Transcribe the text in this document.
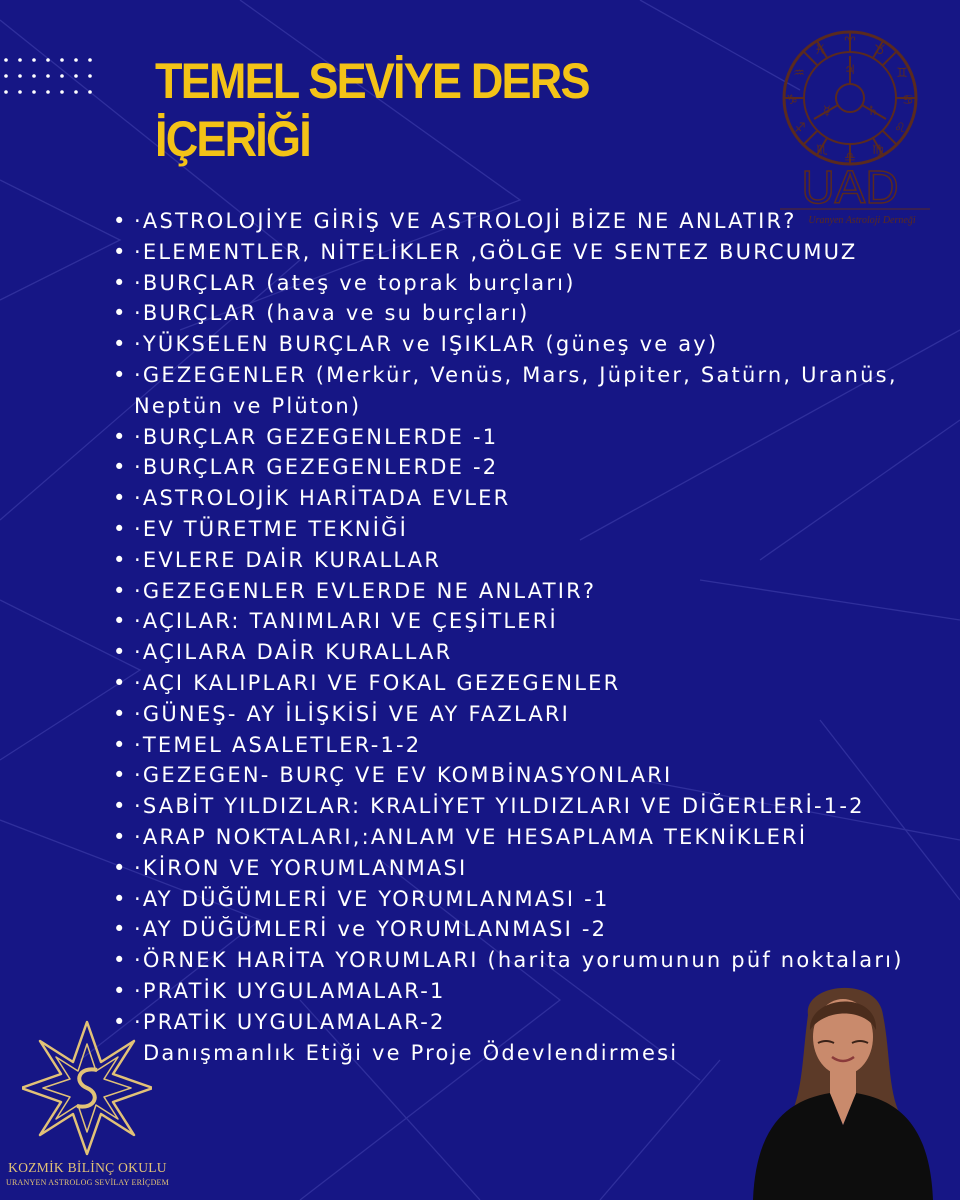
TEMEL SEVİYE DERS
İÇERİĞİ
♈
♉
♊
♋
♌
♍
♎
♏
♐
♑
♒
♓
♃
☿	♄
UAD
Uranyen Astroloji Derneği
• ·ASTROLOJİYE GİRİŞ VE ASTROLOJİ BİZE NE ANLATIR?
• ·ELEMENTLER, NİTELİKLER ,GÖLGE VE SENTEZ BURCUMUZ
• ·BURÇLAR (ateş ve toprak burçları)
• ·BURÇLAR (hava ve su burçları)
• ·YÜKSELEN BURÇLAR ve IŞIKLAR (güneş ve ay)
• ·GEZEGENLER (Merkür, Venüs, Mars, Jüpiter, Satürn, Uranüs, Neptün ve Plüton)
• ·BURÇLAR GEZEGENLERDE -1
• ·BURÇLAR GEZEGENLERDE -2
• ·ASTROLOJİK HARİTADA EVLER
• ·EV TÜRETME TEKNİĞİ
• ·EVLERE DAİR KURALLAR
• ·GEZEGENLER EVLERDE NE ANLATIR?
• ·AÇILAR: TANIMLARI VE ÇEŞİTLERİ
• ·AÇILARA DAİR KURALLAR
• ·AÇI KALIPLARI VE FOKAL GEZEGENLER
• ·GÜNEŞ- AY İLİŞKİSİ VE AY FAZLARI
• ·TEMEL ASALETLER-1-2
• ·GEZEGEN- BURÇ VE EV KOMBİNASYONLARI
• ·SABİT YILDIZLAR: KRALİYET YILDIZLARI VE DİĞERLERİ-1-2
• ·ARAP NOKTALARI,:ANLAM VE HESAPLAMA TEKNİKLERİ
• ·KİRON VE YORUMLANMASI
• ·AY DÜĞÜMLERİ VE YORUMLANMASI -1
• ·AY DÜĞÜMLERİ ve YORUMLANMASI -2
• ·ÖRNEK HARİTA YORUMLARI (harita yorumunun püf noktaları)
• ·PRATİK UYGULAMALAR-1
• ·PRATİK UYGULAMALAR-2
Danışmanlık Etiği ve Proje Ödevlendirmesi
KOZMİK BİLİNÇ OKULU
URANYEN ASTROLOG SEVİLAY ERİÇDEM
